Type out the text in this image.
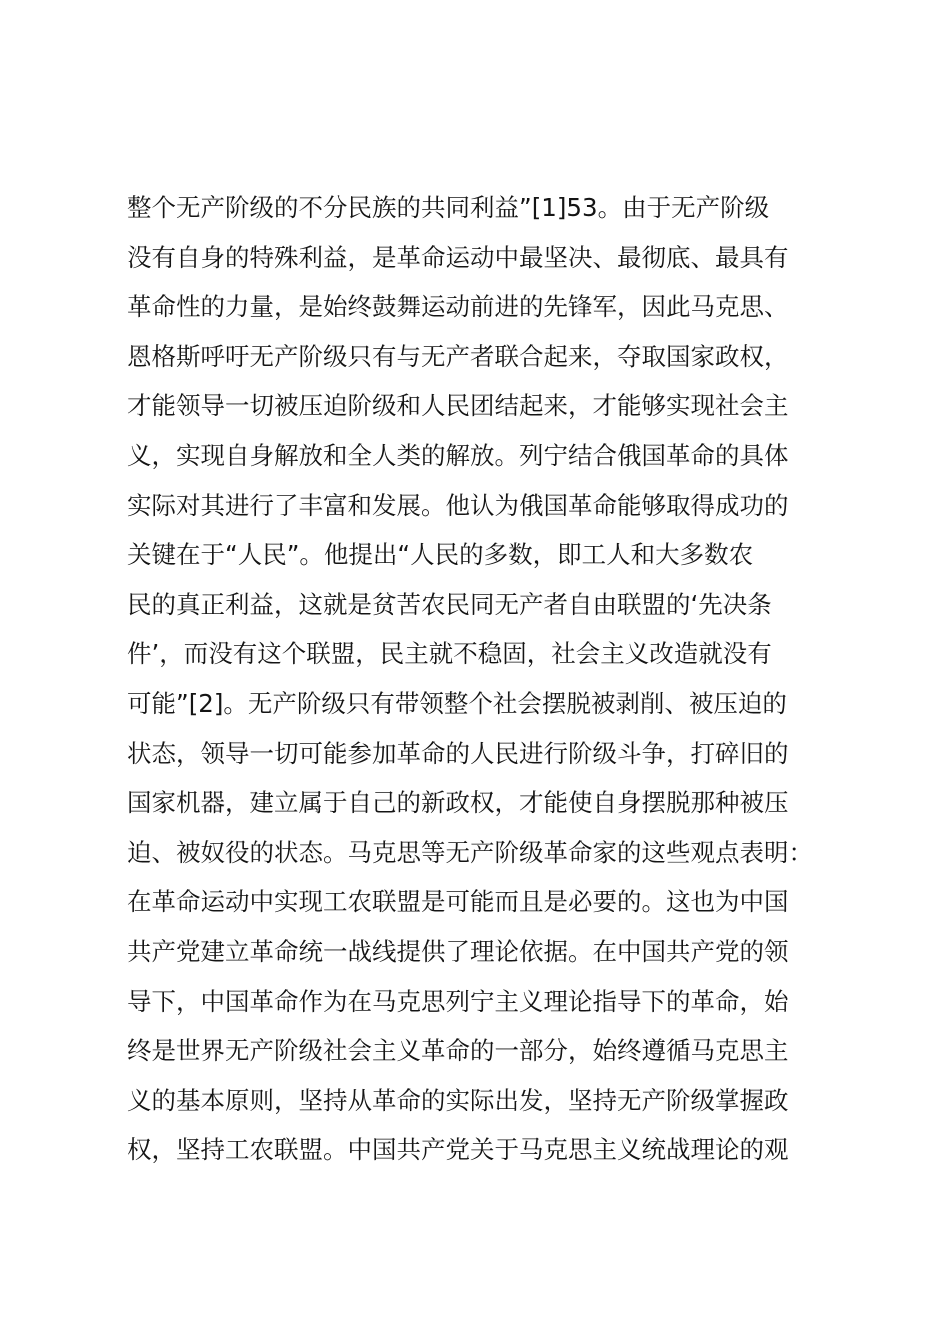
整个无产阶级的不分民族的共同利益”[1]53。由于无产阶级
没有自身的特殊利益，是革命运动中最坚决、最彻底、最具有
革命性的力量，是始终鼓舞运动前进的先锋军，因此马克思、
恩格斯呼吁无产阶级只有与无产者联合起来，夺取国家政权，
才能领导一切被压迫阶级和人民团结起来，才能够实现社会主
义，实现自身解放和全人类的解放。列宁结合俄国革命的具体
实际对其进行了丰富和发展。他认为俄国革命能够取得成功的
关键在于“人民”。他提出“人民的多数，即工人和大多数农
民的真正利益，这就是贫苦农民同无产者自由联盟的‘先决条
件’，而没有这个联盟，民主就不稳固，社会主义改造就没有
可能”[2]。无产阶级只有带领整个社会摆脱被剥削、被压迫的
状态，领导一切可能参加革命的人民进行阶级斗争，打碎旧的
国家机器，建立属于自己的新政权，才能使自身摆脱那种被压
迫、被奴役的状态。马克思等无产阶级革命家的这些观点表明：
在革命运动中实现工农联盟是可能而且是必要的。这也为中国
共产党建立革命统一战线提供了理论依据。在中国共产党的领
导下，中国革命作为在马克思列宁主义理论指导下的革命，始
终是世界无产阶级社会主义革命的一部分，始终遵循马克思主
义的基本原则，坚持从革命的实际出发，坚持无产阶级掌握政
权，坚持工农联盟。中国共产党关于马克思主义统战理论的观
